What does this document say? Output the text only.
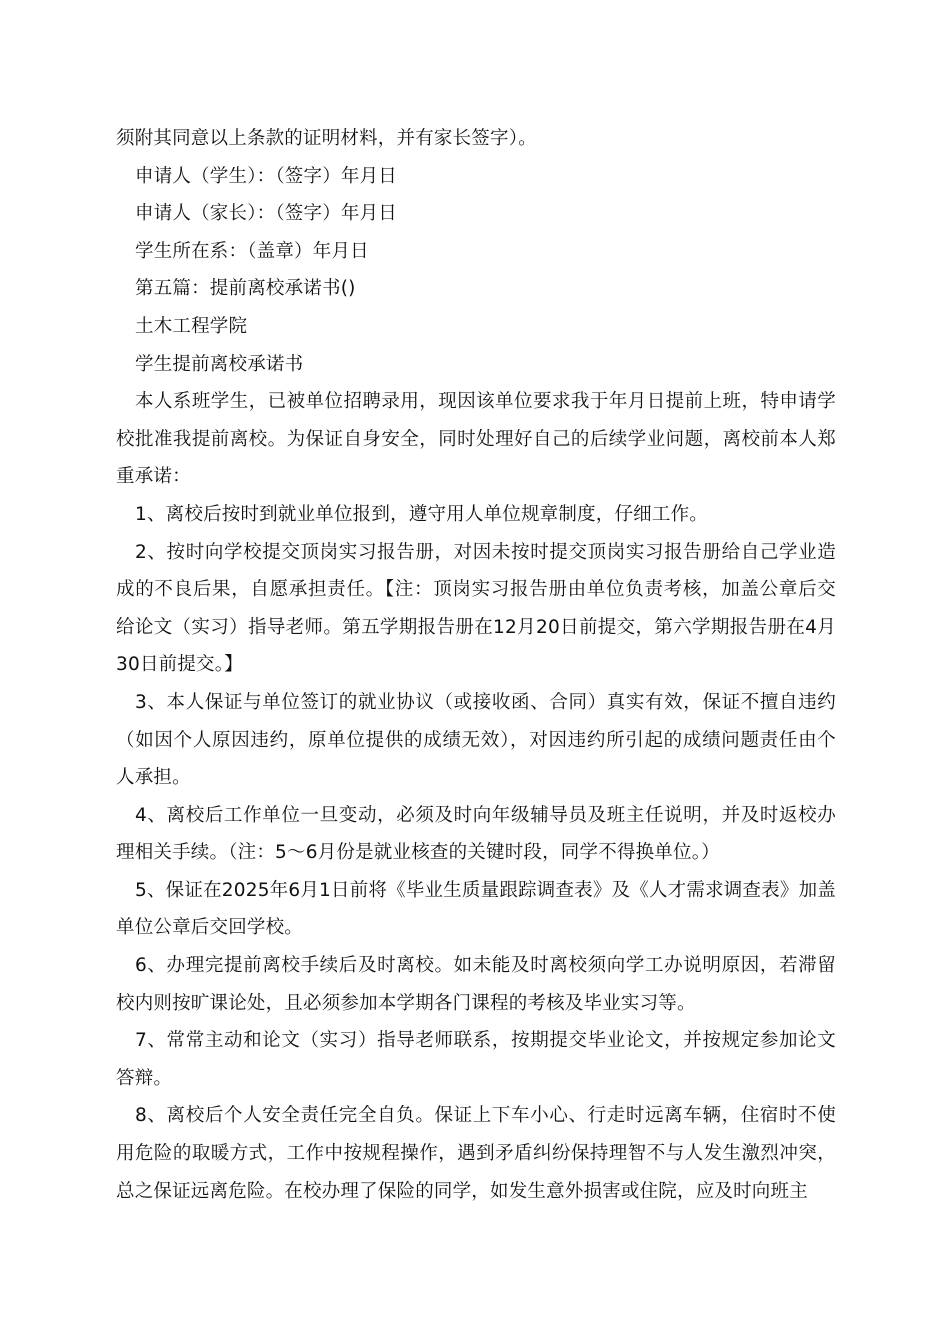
须附其同意以上条款的证明材料，并有家长签字）。

申请人（学生）：（签字）年月日

申请人（家长）：（签字）年月日

学生所在系：（盖章）年月日

第五篇：提前离校承诺书()

土木工程学院

学生提前离校承诺书

本人系班学生，已被单位招聘录用，现因该单位要求我于年月日提前上班，特申请学校批准我提前离校。为保证自身安全，同时处理好自己的后续学业问题，离校前本人郑重承诺：

1、离校后按时到就业单位报到，遵守用人单位规章制度，仔细工作。

2、按时向学校提交顶岗实习报告册，对因未按时提交顶岗实习报告册给自己学业造成的不良后果，自愿承担责任。【注：顶岗实习报告册由单位负责考核，加盖公章后交给论文（实习）指导老师。第五学期报告册在12月20日前提交，第六学期报告册在4月30日前提交。】

3、本人保证与单位签订的就业协议（或接收函、合同）真实有效，保证不擅自违约（如因个人原因违约，原单位提供的成绩无效），对因违约所引起的成绩问题责任由个人承担。

4、离校后工作单位一旦变动，必须及时向年级辅导员及班主任说明，并及时返校办理相关手续。（注：5～6月份是就业核查的关键时段，同学不得换单位。）

5、保证在2025年6月1日前将《毕业生质量跟踪调查表》及《人才需求调查表》加盖单位公章后交回学校。

6、办理完提前离校手续后及时离校。如未能及时离校须向学工办说明原因，若滞留校内则按旷课论处，且必须参加本学期各门课程的考核及毕业实习等。

7、常常主动和论文（实习）指导老师联系，按期提交毕业论文，并按规定参加论文答辩。

8、离校后个人安全责任完全自负。保证上下车小心、行走时远离车辆，住宿时不使用危险的取暖方式，工作中按规程操作，遇到矛盾纠纷保持理智不与人发生激烈冲突，总之保证远离危险。在校办理了保险的同学，如发生意外损害或住院，应及时向班主
